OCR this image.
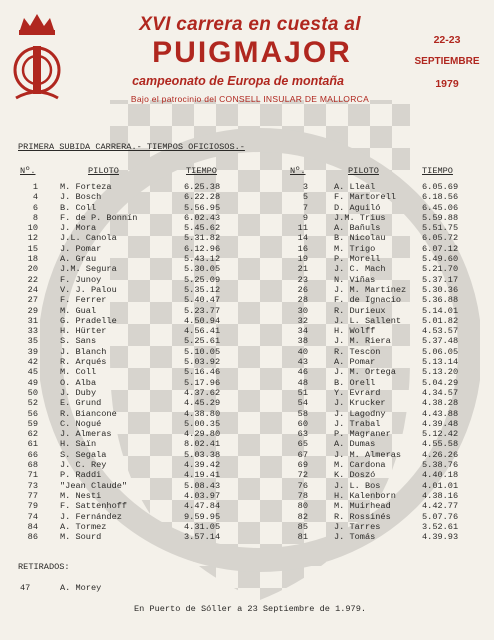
XVI carrera en cuesta al
PUIGMAJOR
campeonato de Europa de montaña
Bajo el patrocinio del CONSELL INSULAR DE MALLORCA
22-23
SEPTIEMBRE
1979
PRIMERA SUBIDA CARRERA.- TIEMPOS OFICIOSOS.-
Nº.	PILOTO	TIEMPO	Nº.	PILOTO	TIEMPO
1	M. Forteza	6.25.38	3	A. Lleal	6.05.69
4	J. Bosch	6.22.28	5	F. Martorell	6.18.56
6	B. Coll	5.56.95	7	D. Aguiló	6.45.06
8	F. de P. Bonnín	6.02.43	9	J.M. Trius	5.59.88
10	J. Mora	5.45.62	11	A. Bañuls	5.51.75
12	J.L. Canola	5.31.82	14	B. Nicolau	6.05.72
15	J. Pomar	6.12.96	16	M. Trigo	6.07.12
18	A. Grau	5.43.12	19	P. Morell	5.49.60
20	J.M. Segura	5.30.05	21	J. C. Mach	5.21.70
22	F. Junoy	5.25.09	23	N. Viñas	5.37.17
24	V. J. Palou	5.35.12	26	J. M. Martínez 5.30.36
27	F. Ferrer	5.40.47	28	F. de Ignacio 5.36.88
29	M. Gual	5.23.77	30	R. Durieux	5.14.01
31	G. Pradelle	4.50.94	32	J. L. Sallent 5.01.82
33	H. Hürter	4.56.41	34	H. Wolff	4.53.57
35	S. Sans	5.25.61	38	J. M. Riera	5.37.48
39	J. Blanch	5.10.05	40	R. Tescon	5.06.05
42	R. Arqués	5.03.92	43	A. Pomar	5.13.14
45	M. Coll	5.16.46	46	J. M. Ortega	5.13.20
49	O. Alba	5.17.96	48	B. Orell	5.04.29
50	J. Duby	4.37.62	51	Y. Evrard	4.34.57
52	E. Grund	4.45.29	54	J. Krucker	4.38.28
56	R. Biancone	4.38.80	58	J. Lagodny	4.43.88
59	C. Nogué	5.00.35	60	J. Trabal	4.39.48
62	J. Almeras	4.29.80	63	P. Magraner	5.12.42
61	H. Saïn	8.02.41	65	A. Dumas	4.55.58
66	S. Segala	5.03.38	67	J. M. Almeras 4.26.26
68	J. C. Rey	4.39.42	69	M. Cardona	5.38.76
71	P. Raddi	4.19.41	72	K. Doszó	4.40.18
73	"Jean Claude"	5.08.43	76	J. L. Bos	4.01.01
77	M. Nesti	4.03.97	78	H. Kalenborn	4.38.16
79	F. Sattenhoff	4.47.84	80	M. Muirhead	4.42.77
74	J. Fernández	9.59.95	82	R. Rossinés	5.07.76
84	A. Tormez	4.31.05	85	J. Tarres	3.52.61
86	M. Sourd	3.57.14	81	J. Tomás	4.39.93
RETIRADOS:
47	A. Morey
En Puerto de Sóller a 23 Septiembre de 1.979.
